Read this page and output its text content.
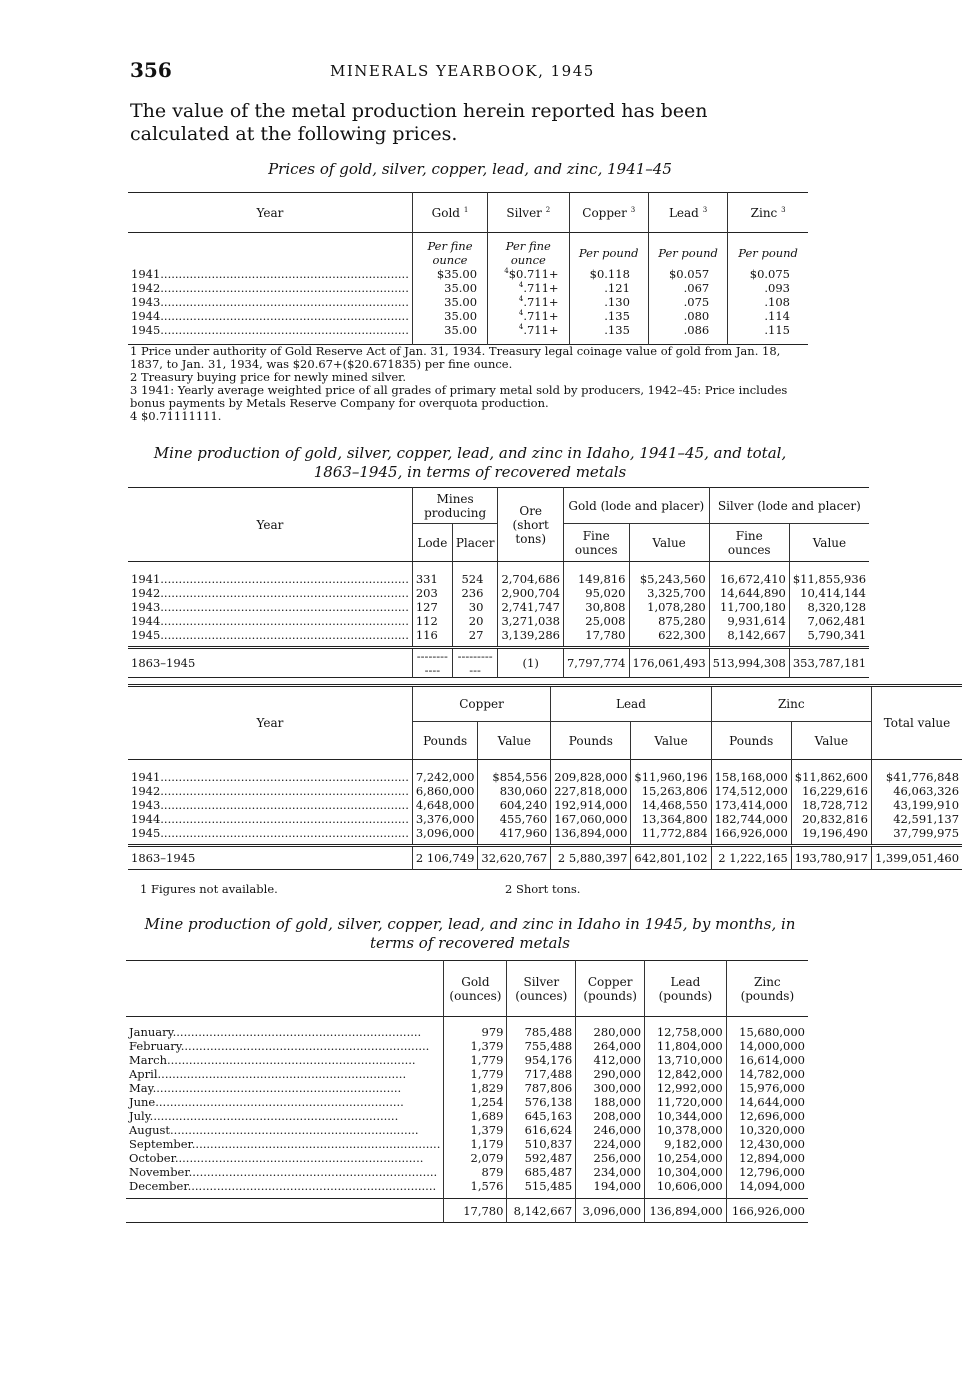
356	MINERALS YEARBOOK, 1945
The value of the metal production herein reported has been calculated at the following prices.
Prices of gold, silver, copper, lead, and zinc, 1941–45
Year	Gold $^1$	Silver $^2$	Copper $^3$	Lead $^3$	Zinc $^3$

	Per fine ounce	Per fine ounce	Per pound	Per pound	Per pound
1941 .....	$35.00	$^4$\$0.711+	$0.118	$0.057	$0.075
1942 .....	35.00	$^4$.711+	.121	.067	.093
1943 .....	35.00	$^4$.711+	.130	.075	.108
1944 .....	35.00	$^4$.711+	.135	.080	.114
1945 .....	35.00	$^4$.711+	.135	.086	.115

1 Price under authority of Gold Reserve Act of Jan. 31, 1934. Treasury legal coinage value of gold from Jan. 18, 1837, to Jan. 31, 1934, was $20.67+($20.671835) per fine ounce.
2 Treasury buying price for newly mined silver.
3 1941: Yearly average weighted price of all grades of primary metal sold by producers, 1942–45: Price includes bonus payments by Metals Reserve Company for overquota production.
4 $0.71111111.
Mine production of gold, silver, copper, lead, and zinc in Idaho, 1941–45, and total, 1863–1945, in terms of recovered metals
Year	Mines producing		Ore (short tons)	Gold (lode and placer)		Silver (lode and placer)	
	Lode	Placer		Fine ounces	Value	Fine ounces	Value

1941 .....	331	524	2,704,686	149,816	$5,243,560	16,672,410	$11,855,936
1942 .....	203	236	2,900,704	95,020	3,325,700	14,644,890	10,414,144
1943 .....	127	30	2,741,747	30,808	1,078,280	11,700,180	8,320,128
1944 .....	112	20	3,271,038	25,008	875,280	9,931,614	7,062,481
1945 .....	116	27	3,139,286	17,780	622,300	8,142,667	5,790,341

1863–1945	------------	------------	(1)	7,797,774	176,061,493	513,994,308	353,787,181
Year	Copper		Lead		Zinc		Total value
	Pounds	Value	Pounds	Value	Pounds	Value	

1941 .....	7,242,000	$854,556	209,828,000	$11,960,196	158,168,000	$11,862,600	$41,776,848
1942 .....	6,860,000	830,060	227,818,000	15,263,806	174,512,000	16,229,616	46,063,326
1943 .....	4,648,000	604,240	192,914,000	14,468,550	173,414,000	18,728,712	43,199,910
1944 .....	3,376,000	455,760	167,060,000	13,364,800	182,744,000	20,832,816	42,591,137
1945 .....	3,096,000	417,960	136,894,000	11,772,884	166,926,000	19,196,490	37,799,975

1863–1945	2 106,749	32,620,767	2 5,880,397	642,801,102	2 1,222,165	193,780,917	1,399,051,460
1 Figures not available.	2 Short tons.
Mine production of gold, silver, copper, lead, and zinc in Idaho in 1945, by months, in terms of recovered metals
	Gold (ounces)	Silver (ounces)	Copper (pounds)	Lead (pounds)	Zinc (pounds)

January .....	979	785,488	280,000	12,758,000	15,680,000
February .....	1,379	755,488	264,000	11,804,000	14,000,000
March .....	1,779	954,176	412,000	13,710,000	16,614,000
April .....	1,779	717,488	290,000	12,842,000	14,782,000
May .....	1,829	787,806	300,000	12,992,000	15,976,000
June .....	1,254	576,138	188,000	11,720,000	14,644,000
July .....	1,689	645,163	208,000	10,344,000	12,696,000
August .....	1,379	616,624	246,000	10,378,000	10,320,000
September .....	1,179	510,837	224,000	9,182,000	12,430,000
October .....	2,079	592,487	256,000	10,254,000	12,894,000
November .....	879	685,487	234,000	10,304,000	12,796,000
December .....	1,576	515,485	194,000	10,606,000	14,094,000

	17,780	8,142,667	3,096,000	136,894,000	166,926,000
